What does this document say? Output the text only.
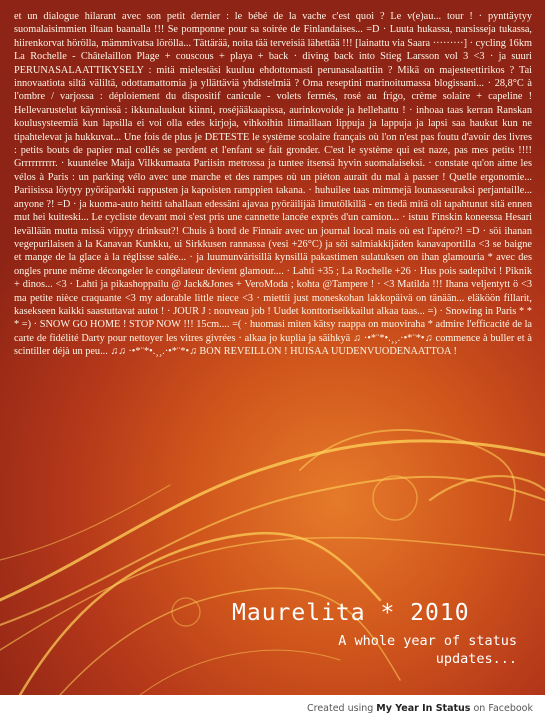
et un dialogue hilarant avec son petit dernier : le bébé de la vache c'est quoi ? Le v(e)au... tour ! · pynttäytyy suomalaisimmien iltaan baanalla !!! Se pomponne pour sa soirée de Finlandaises... =D · Luuta hukassa, narsisseja tukassa, hiirenkorvat hörölla, mämmivatsa lörölla... Tättärää, noita tää terveisiä lähettää !!! [lainattu via Saara ·········] · cycling 16km La Rochelle - Châtelaillon Plage + couscous + playa + back · diving back into Stieg Larsson vol 3 <3 · ja suuri PERUNASALAATTIKYSELY : mitä mielestäsi kuuluu ehdottomasti perunasalaattiin ? Mikä on majesteettirikos ? Tai innovaatiota siltä väliltä, odottamattomia ja yllättäviä yhdistelmiä ? Oma reseptini marinoitumassa blogissani... · 28,8°C à l'ombre / varjossa : déploiement du dispositif canicule - volets fermés, rosé au frigo, crème solaire + capeline ! Hellevarustelut käynnissä : ikkunaluukut kiinni, roséjääkaapissa, aurinkovoide ja hellehattu ! · inhoaa taas kerran Ranskan koulusysteemiä kun lapsilla ei voi olla edes kirjoja, vihkoihin liimaillaan lippuja ja lappuja ja lapsi saa haukut kun ne tipahtelevat ja hukkuvat... Une fois de plus je DETESTE le système scolaire français où l'on n'est pas foutu d'avoir des livres : petits bouts de papier mal collés se perdent et l'enfant se fait gronder. C'est le système qui est naze, pas mes petits !!!! Grrrrrrrrrr. · kuuntelee Maija Vilkkumaata Pariisin metrossa ja tuntee itsensä hyvin suomalaiseksi. · constate qu'on aime les vélos à Paris : un parking vélo avec une marche et des rampes où un piéton aurait du mal à passer ! Quelle ergonomie... Pariisissa löytyy pyöräparkki rappusten ja kapoisten ramppien takana. · huhuilee taas mimmejä lounasseuraksi perjantaille... anyone ?! =D · ja kuoma-auto heitti tahallaan edessäni ajavaa pyöräilijää limutölkillä - en tiedä mitä oli tapahtunut sitä ennen mut hei kuiteski... Le cycliste devant moi s'est pris une cannette lancée exprès d'un camion... · istuu Finskin koneessa Hesari levällään mutta missä viipyy drinksut?! Chuis à bord de Finnair avec un journal local mais où est l'apéro?! =D · söi ihanan vegepurilaisen à la Kanavan Kunkku, ui Sirkkusen rannassa (vesi +26°C) ja söi salmiakkijäden kanavaportilla <3 se baigne et mange de la glace à la réglisse salée... · ja luumunvärisillä kynsillä pakastimen sulatuksen on ihan glamouria * avec des ongles prune même décongeler le congélateur devient glamour.... · Lahti +35 ; La Rochelle +26 · Hus pois sadepilvi ! Piknik + dinos... <3 · Lahti ja pikashoppailu @ Jack&Jones + VeroModa ; kohta @Tampere ! · <3 Matilda !!! Ihana veljentytt ö <3 ma petite nièce craquante <3 my adorable little niece <3 · miettii just moneskohan lakkopäivä on tänään... eläköön fillarit, kasekseen kaikki saastuttavat autot ! · JOUR J : nouveau job ! Uudet konttoriseikkailut alkaa taas... =) · Snowing in Paris * * * =) · SNOW GO HOME ! STOP NOW !!! 15cm.... =( · huomasi miten kätsy raappa on muoviraha * admire l'efficacité de la carte de fidélité Darty pour nettoyer les vitres givrées · alkaa jo kuplia ja säihkyä ♫ ·•*¨*•.¸¸.·•*¨*•♫ commence à buller et à scintiller déjà un peu... ♫♫ ·•*¨*•.¸¸.·•*¨*•♫ BON REVEILLON ! HUISAA UUDENVUODENAATTOA !

Maurelita * 2010

A whole year of status updates...

Created using My Year In Status on Facebook
